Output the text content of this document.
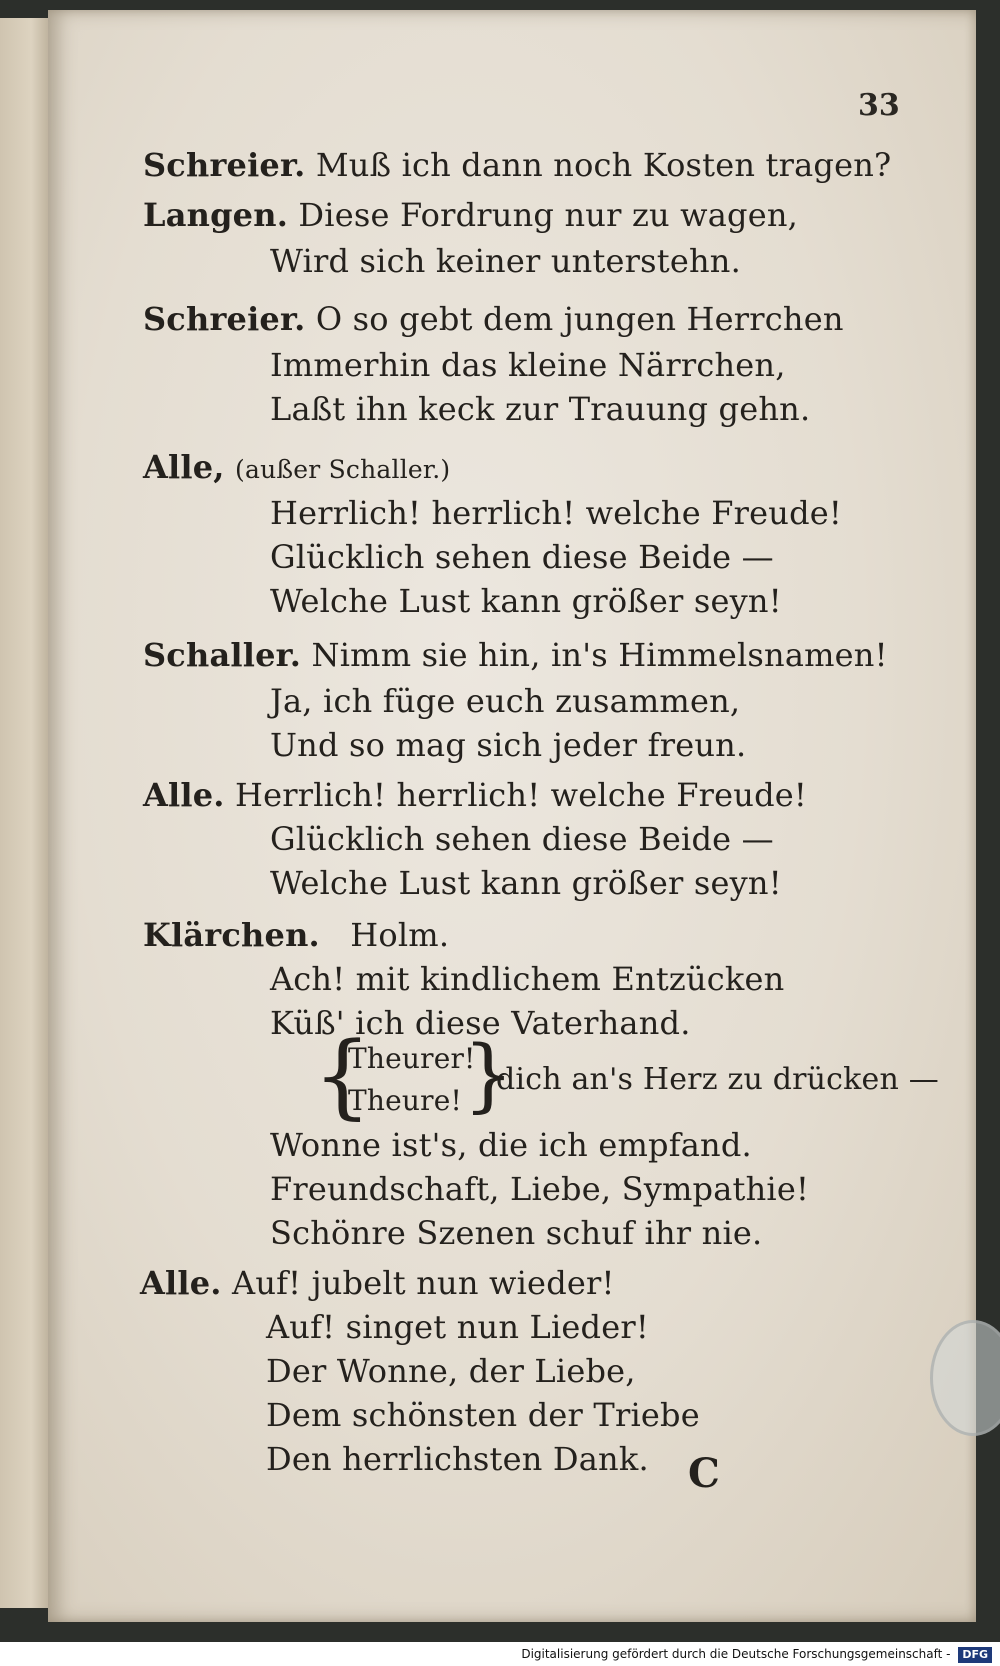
33
Schreier. Muß ich dann noch Kosten tragen?
Langen. Diese Fordrung nur zu wagen,
Wird sich keiner unterstehn.
Schreier. O so gebt dem jungen Herrchen
Immerhin das kleine Närrchen,
Laßt ihn keck zur Trauung gehn.
Alle, (außer Schaller.)
Herrlich! herrlich! welche Freude!
Glücklich sehen diese Beide —
Welche Lust kann größer seyn!
Schaller. Nimm sie hin, in's Himmelsnamen!
Ja, ich füge euch zusammen,
Und so mag sich jeder freun.
Alle. Herrlich! herrlich! welche Freude!
Glücklich sehen diese Beide —
Welche Lust kann größer seyn!
Klärchen. Holm.
Ach! mit kindlichem Entzücken
Küß' ich diese Vaterhand.
{
Theurer!
Theure! }
dich an's Herz zu drücken —
Wonne ist's, die ich empfand.
Freundschaft, Liebe, Sympathie!
Schönre Szenen schuf ihr nie.
Alle. Auf! jubelt nun wieder!
Auf! singet nun Lieder!
Der Wonne, der Liebe,
Dem schönsten der Triebe
Den herrlichsten Dank. C
Digitalisierung gefördert durch die Deutsche Forschungsgemeinschaft - DFG
